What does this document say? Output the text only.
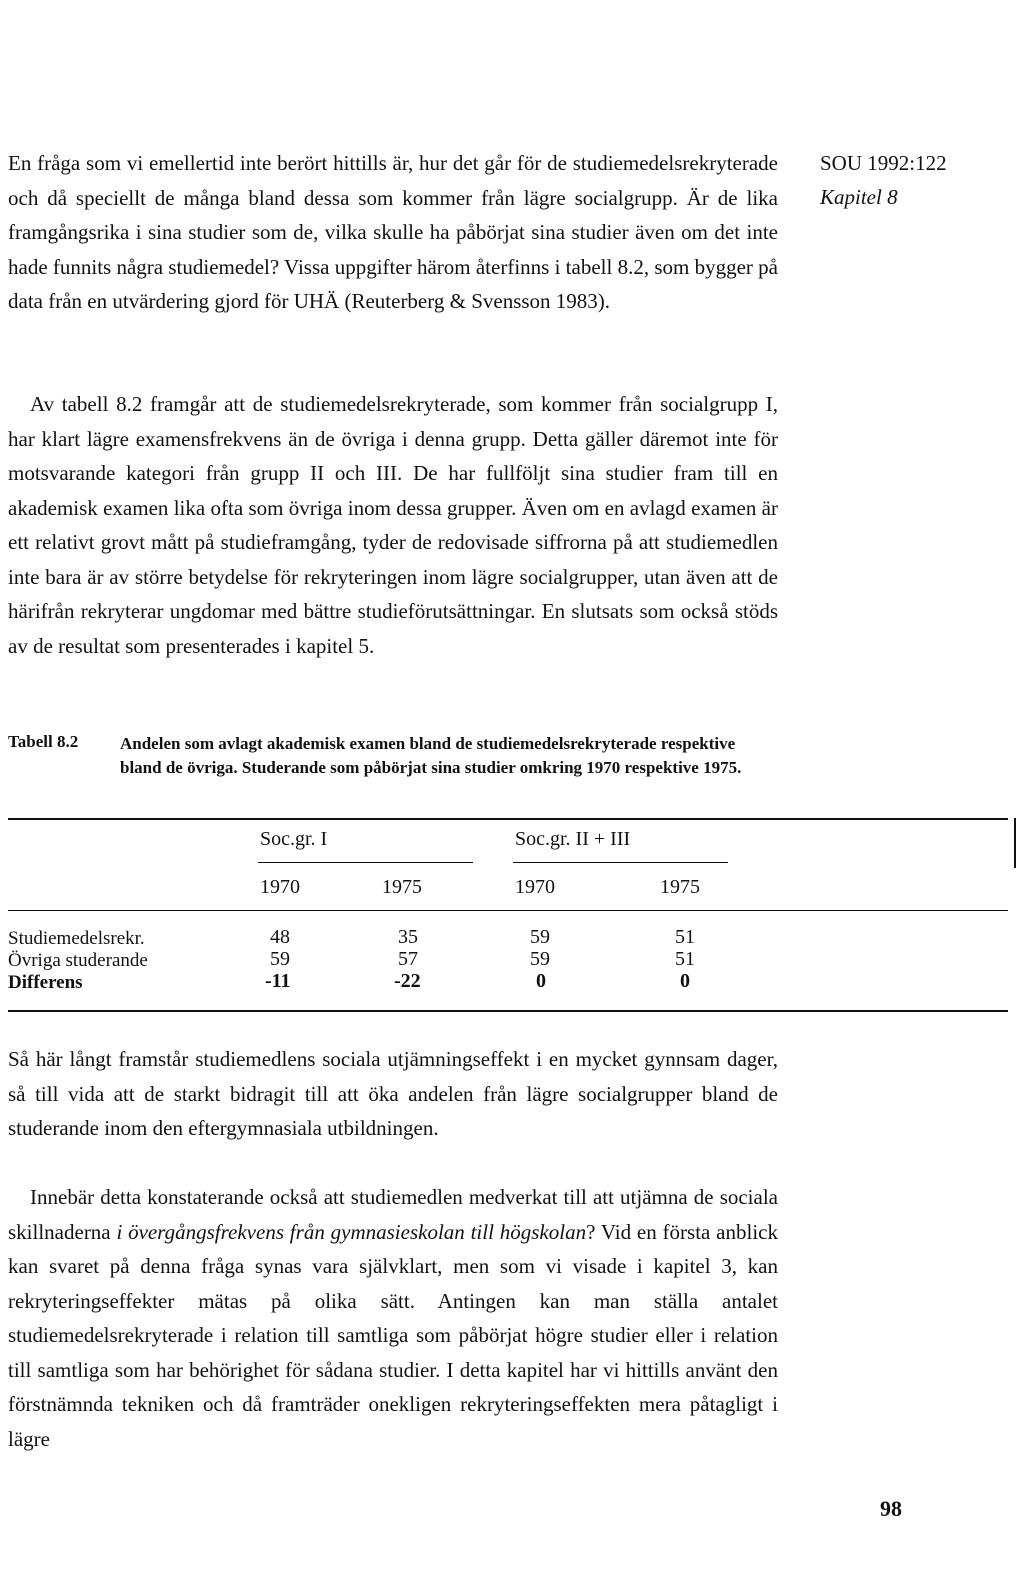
SOU 1992:122
Kapitel 8

En fråga som vi emellertid inte berört hittills är, hur det går för de studiemedelsrekryterade och då speciellt de många bland dessa som kommer från lägre socialgrupp. Är de lika framgångsrika i sina studier som de, vilka skulle ha påbörjat sina studier även om det inte hade funnits några studiemedel? Vissa uppgifter härom återfinns i tabell 8.2, som bygger på data från en utvärdering gjord för UHÄ (Reuterberg & Svensson 1983).

Av tabell 8.2 framgår att de studiemedelsrekryterade, som kommer från socialgrupp I, har klart lägre examensfrekvens än de övriga i denna grupp. Detta gäller däremot inte för motsvarande kategori från grupp II och III. De har fullföljt sina studier fram till en akademisk examen lika ofta som övriga inom dessa grupper. Även om en avlagd examen är ett relativt grovt mått på studieframgång, tyder de redovisade siffrorna på att studiemedlen inte bara är av större betydelse för rekryteringen inom lägre socialgrupper, utan även att de härifrån rekryterar ungdomar med bättre studieförutsättningar. En slutsats som också stöds av de resultat som presenterades i kapitel 5.

Tabell 8.2 Andelen som avlagt akademisk examen bland de studiemedelsrekryterade respektive bland de övriga. Studerande som påbörjat sina studier omkring 1970 respektive 1975.
Soc.gr. I	Soc.gr. II + III
1970	1975	1970	1975
Studiemedelsrekr.	48	35	59	51
Övriga studerande	59	57	59	51
Differens	-11	-22	0	0

Så här långt framstår studiemedlens sociala utjämningseffekt i en mycket gynnsam dager, så till vida att de starkt bidragit till att öka andelen från lägre socialgrupper bland de studerande inom den eftergymnasiala utbildningen.

Innebär detta konstaterande också att studiemedlen medverkat till att utjämna de sociala skillnaderna i övergångsfrekvens från gymnasieskolan till högskolan? Vid en första anblick kan svaret på denna fråga synas vara självklart, men som vi visade i kapitel 3, kan rekryteringseffekter mätas på olika sätt. Antingen kan man ställa antalet studiemedelsrekryterade i relation till samtliga som påbörjat högre studier eller i relation till samtliga som har behörighet för sådana studier. I detta kapitel har vi hittills använt den förstnämnda tekniken och då framträder onekligen rekryteringseffekten mera påtagligt i lägre

98
